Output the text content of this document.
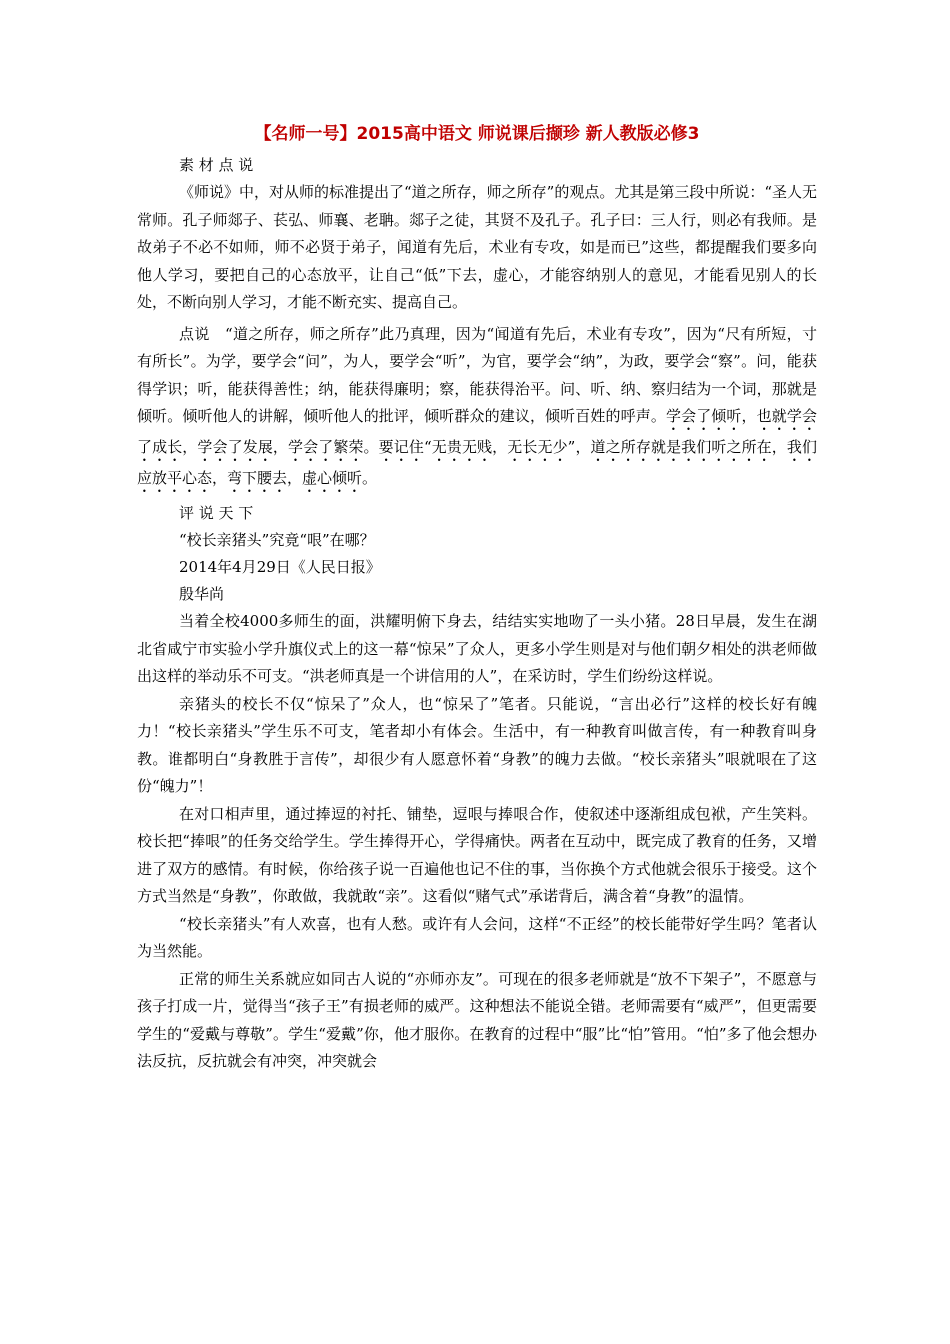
【名师一号】2015高中语文 师说课后撷珍 新人教版必修3

素 材 点 说

《师说》中，对从师的标准提出了“道之所存，师之所存”的观点。尤其是第三段中所说：“圣人无常师。孔子师郯子、苌弘、师襄、老聃。郯子之徒，其贤不及孔子。孔子曰：三人行，则必有我师。是故弟子不必不如师，师不必贤于弟子，闻道有先后，术业有专攻，如是而已”这些，都提醒我们要多向他人学习，要把自己的心态放平，让自己“低”下去，虚心，才能容纳别人的意见，才能看见别人的长处，不断向别人学习，才能不断充实、提高自己。

点说　“道之所存，师之所存”此乃真理，因为“闻道有先后，术业有专攻”，因为“尺有所短，寸有所长”。为学，要学会“问”，为人，要学会“听”，为官，要学会“纳”，为政，要学会“察”。问，能获得学识；听，能获得善性；纳，能获得廉明；察，能获得治平。问、听、纳、察归结为一个词，那就是倾听。倾听他人的讲解，倾听他人的批评，倾听群众的建议，倾听百姓的呼声。学会了倾听，也就学会了成长，学会了发展，学会了繁荣。要记住“无贵无贱，无长无少”，道之所存就是我们听之所在，我们应放平心态，弯下腰去，虚心倾听。

评 说 天 下

“校长亲猪头”究竟“哏”在哪？

2014年4月29日《人民日报》

殷华尚

当着全校4000多师生的面，洪耀明俯下身去，结结实实地吻了一头小猪。28日早晨，发生在湖北省咸宁市实验小学升旗仪式上的这一幕“惊呆”了众人，更多小学生则是对与他们朝夕相处的洪老师做出这样的举动乐不可支。“洪老师真是一个讲信用的人”，在采访时，学生们纷纷这样说。

亲猪头的校长不仅“惊呆了”众人，也“惊呆了”笔者。只能说，“言出必行”这样的校长好有魄力！“校长亲猪头”学生乐不可支，笔者却小有体会。生活中，有一种教育叫做言传，有一种教育叫身教。谁都明白“身教胜于言传”，却很少有人愿意怀着“身教”的魄力去做。“校长亲猪头”哏就哏在了这份“魄力”！

在对口相声里，通过捧逗的衬托、铺垫，逗哏与捧哏合作，使叙述中逐渐组成包袱，产生笑料。校长把“捧哏”的任务交给学生。学生捧得开心，学得痛快。两者在互动中，既完成了教育的任务，又增进了双方的感情。有时候，你给孩子说一百遍他也记不住的事，当你换个方式他就会很乐于接受。这个方式当然是“身教”，你敢做，我就敢“亲”。这看似“赌气式”承诺背后，满含着“身教”的温情。

“校长亲猪头”有人欢喜，也有人愁。或许有人会问，这样“不正经”的校长能带好学生吗？笔者认为当然能。

正常的师生关系就应如同古人说的“亦师亦友”。可现在的很多老师就是“放不下架子”，不愿意与孩子打成一片，觉得当“孩子王”有损老师的威严。这种想法不能说全错。老师需要有“威严”，但更需要学生的“爱戴与尊敬”。学生“爱戴”你，他才服你。在教育的过程中“服”比“怕”管用。“怕”多了他会想办法反抗，反抗就会有冲突，冲突就会
